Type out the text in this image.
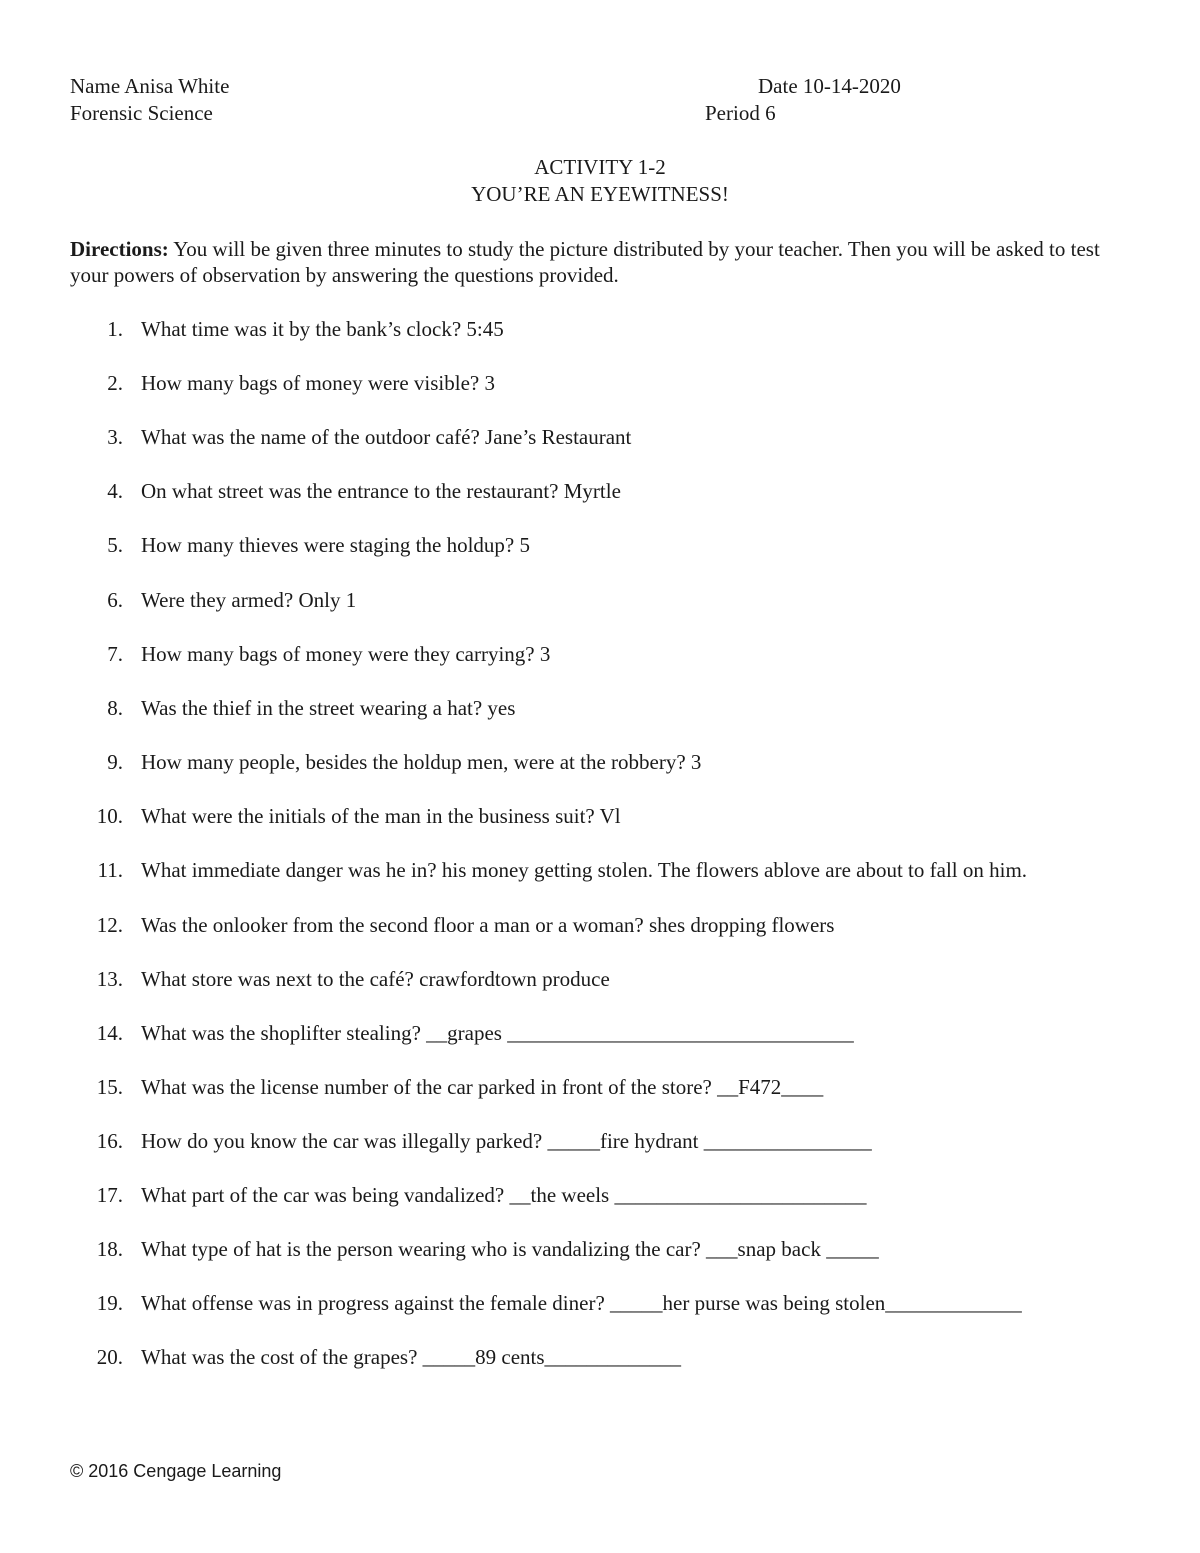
Name Anisa White	Date 10-14-2020
Forensic Science	Period 6
ACTIVITY 1-2
YOU’RE AN EYEWITNESS!
Directions: You will be given three minutes to study the picture distributed by your teacher. Then you will be asked to test your powers of observation by answering the questions provided.
1. What time was it by the bank’s clock? 5:45
2. How many bags of money were visible? 3
3. What was the name of the outdoor café? Jane’s Restaurant
4. On what street was the entrance to the restaurant? Myrtle
5. How many thieves were staging the holdup? 5
6. Were they armed? Only 1
7. How many bags of money were they carrying? 3
8. Was the thief in the street wearing a hat? yes
9. How many people, besides the holdup men, were at the robbery? 3
10. What were the initials of the man in the business suit? Vl
11. What immediate danger was he in? his money getting stolen. The flowers ablove are about to fall on him.
12. Was the onlooker from the second floor a man or a woman? shes dropping flowers
13. What store was next to the café? crawfordtown produce
14. What was the shoplifter stealing? __grapes _________________________________
15. What was the license number of the car parked in front of the store? __F472____
16. How do you know the car was illegally parked? _____fire hydrant ________________
17. What part of the car was being vandalized? __the weels ________________________
18. What type of hat is the person wearing who is vandalizing the car? ___snap back _____
19. What offense was in progress against the female diner? _____her purse was being stolen_____________
20. What was the cost of the grapes? _____89 cents_____________
© 2016 Cengage Learning
